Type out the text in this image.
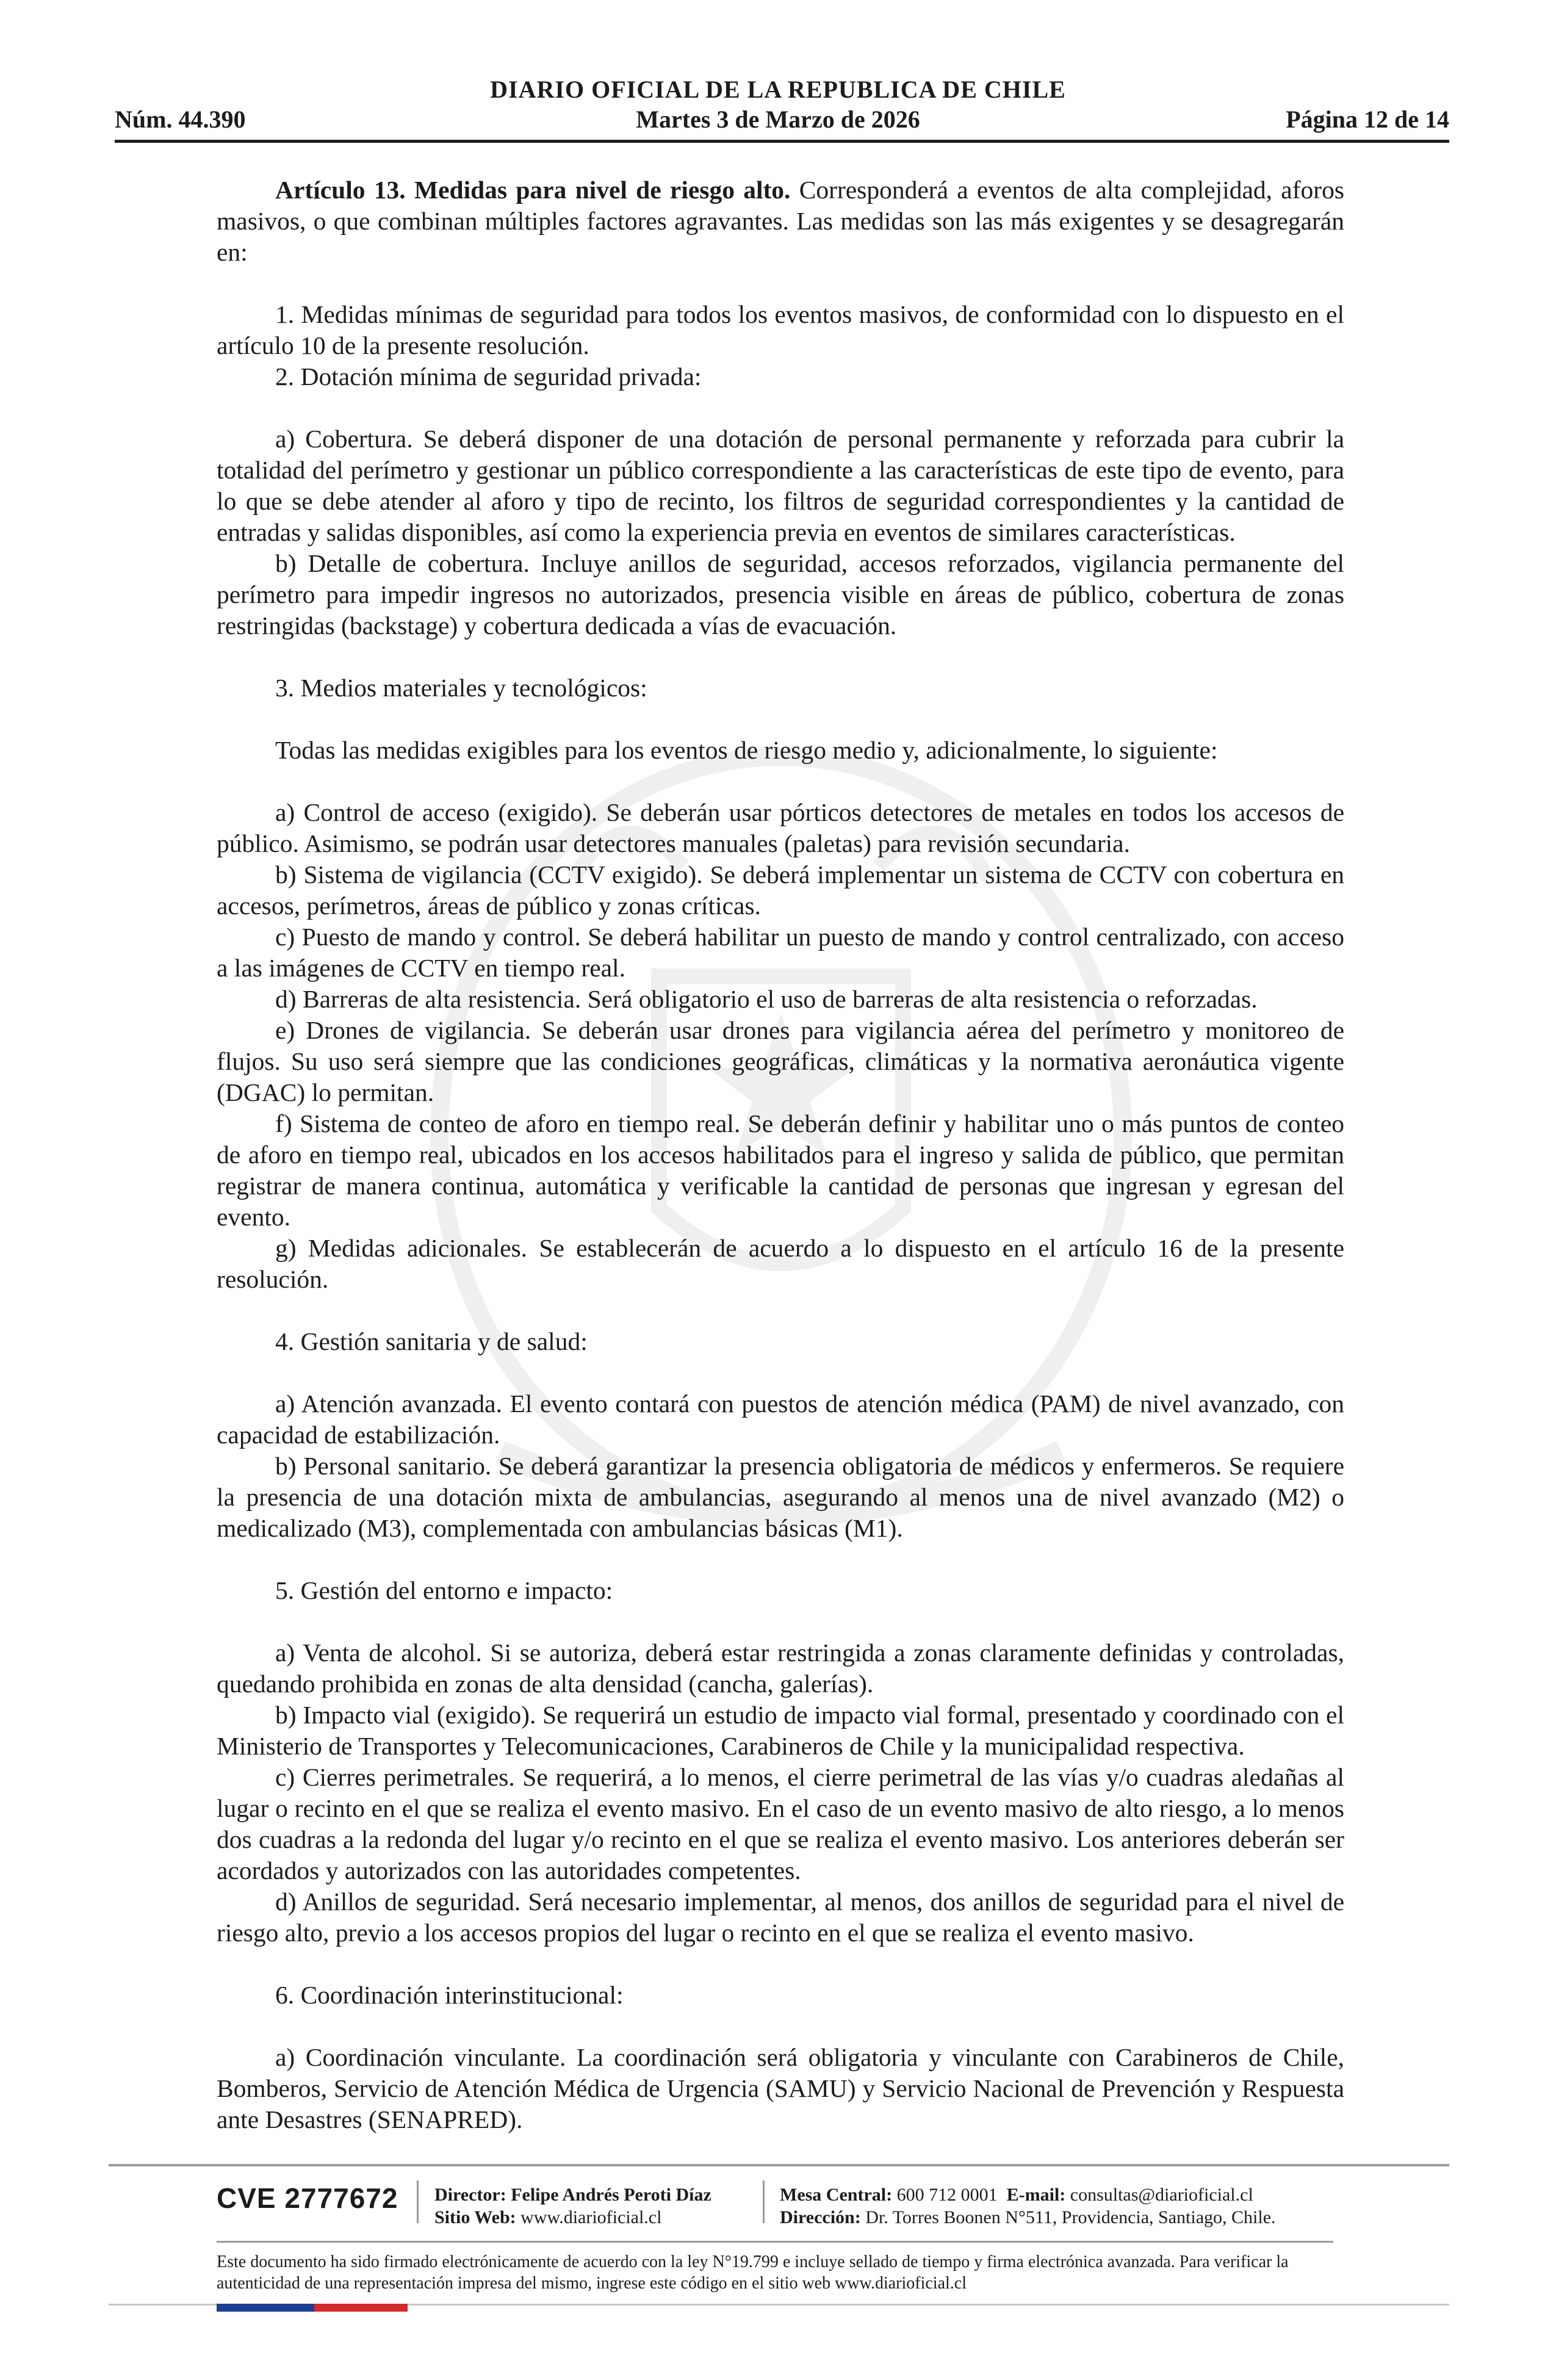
DIARIO OFICIAL DE LA REPUBLICA DE CHILE
Núm. 44.390	Martes 3 de Marzo de 2026	Página 12 de 14

Artículo 13. Medidas para nivel de riesgo alto. Corresponderá a eventos de alta complejidad, aforos masivos, o que combinan múltiples factores agravantes. Las medidas son las más exigentes y se desagregarán en:

1. Medidas mínimas de seguridad para todos los eventos masivos, de conformidad con lo dispuesto en el artículo 10 de la presente resolución.

2. Dotación mínima de seguridad privada:

a) Cobertura. Se deberá disponer de una dotación de personal permanente y reforzada para cubrir la totalidad del perímetro y gestionar un público correspondiente a las características de este tipo de evento, para lo que se debe atender al aforo y tipo de recinto, los filtros de seguridad correspondientes y la cantidad de entradas y salidas disponibles, así como la experiencia previa en eventos de similares características.

b) Detalle de cobertura. Incluye anillos de seguridad, accesos reforzados, vigilancia permanente del perímetro para impedir ingresos no autorizados, presencia visible en áreas de público, cobertura de zonas restringidas (backstage) y cobertura dedicada a vías de evacuación.

3. Medios materiales y tecnológicos:

Todas las medidas exigibles para los eventos de riesgo medio y, adicionalmente, lo siguiente:

a) Control de acceso (exigido). Se deberán usar pórticos detectores de metales en todos los accesos de público. Asimismo, se podrán usar detectores manuales (paletas) para revisión secundaria.

b) Sistema de vigilancia (CCTV exigido). Se deberá implementar un sistema de CCTV con cobertura en accesos, perímetros, áreas de público y zonas críticas.

c) Puesto de mando y control. Se deberá habilitar un puesto de mando y control centralizado, con acceso a las imágenes de CCTV en tiempo real.

d) Barreras de alta resistencia. Será obligatorio el uso de barreras de alta resistencia o reforzadas.

e) Drones de vigilancia. Se deberán usar drones para vigilancia aérea del perímetro y monitoreo de flujos. Su uso será siempre que las condiciones geográficas, climáticas y la normativa aeronáutica vigente (DGAC) lo permitan.

f) Sistema de conteo de aforo en tiempo real. Se deberán definir y habilitar uno o más puntos de conteo de aforo en tiempo real, ubicados en los accesos habilitados para el ingreso y salida de público, que permitan registrar de manera continua, automática y verificable la cantidad de personas que ingresan y egresan del evento.

g) Medidas adicionales. Se establecerán de acuerdo a lo dispuesto en el artículo 16 de la presente resolución.

4. Gestión sanitaria y de salud:

a) Atención avanzada. El evento contará con puestos de atención médica (PAM) de nivel avanzado, con capacidad de estabilización.

b) Personal sanitario. Se deberá garantizar la presencia obligatoria de médicos y enfermeros. Se requiere la presencia de una dotación mixta de ambulancias, asegurando al menos una de nivel avanzado (M2) o medicalizado (M3), complementada con ambulancias básicas (M1).

5. Gestión del entorno e impacto:

a) Venta de alcohol. Si se autoriza, deberá estar restringida a zonas claramente definidas y controladas, quedando prohibida en zonas de alta densidad (cancha, galerías).

b) Impacto vial (exigido). Se requerirá un estudio de impacto vial formal, presentado y coordinado con el Ministerio de Transportes y Telecomunicaciones, Carabineros de Chile y la municipalidad respectiva.

c) Cierres perimetrales. Se requerirá, a lo menos, el cierre perimetral de las vías y/o cuadras aledañas al lugar o recinto en el que se realiza el evento masivo. En el caso de un evento masivo de alto riesgo, a lo menos dos cuadras a la redonda del lugar y/o recinto en el que se realiza el evento masivo. Los anteriores deberán ser acordados y autorizados con las autoridades competentes.

d) Anillos de seguridad. Será necesario implementar, al menos, dos anillos de seguridad para el nivel de riesgo alto, previo a los accesos propios del lugar o recinto en el que se realiza el evento masivo.

6. Coordinación interinstitucional:

a) Coordinación vinculante. La coordinación será obligatoria y vinculante con Carabineros de Chile, Bomberos, Servicio de Atención Médica de Urgencia (SAMU) y Servicio Nacional de Prevención y Respuesta ante Desastres (SENAPRED).

CVE 2777672 Director: Felipe Andrés Peroti Díaz
Sitio Web: www.diarioficial.cl
Mesa Central: 600 712 0001 E-mail: consultas@diarioficial.cl
Dirección: Dr. Torres Boonen N°511, Providencia, Santiago, Chile.
Este documento ha sido firmado electrónicamente de acuerdo con la ley N°19.799 e incluye sellado de tiempo y firma electrónica avanzada. Para verificar la autenticidad de una representación impresa del mismo, ingrese este código en el sitio web www.diarioficial.cl
